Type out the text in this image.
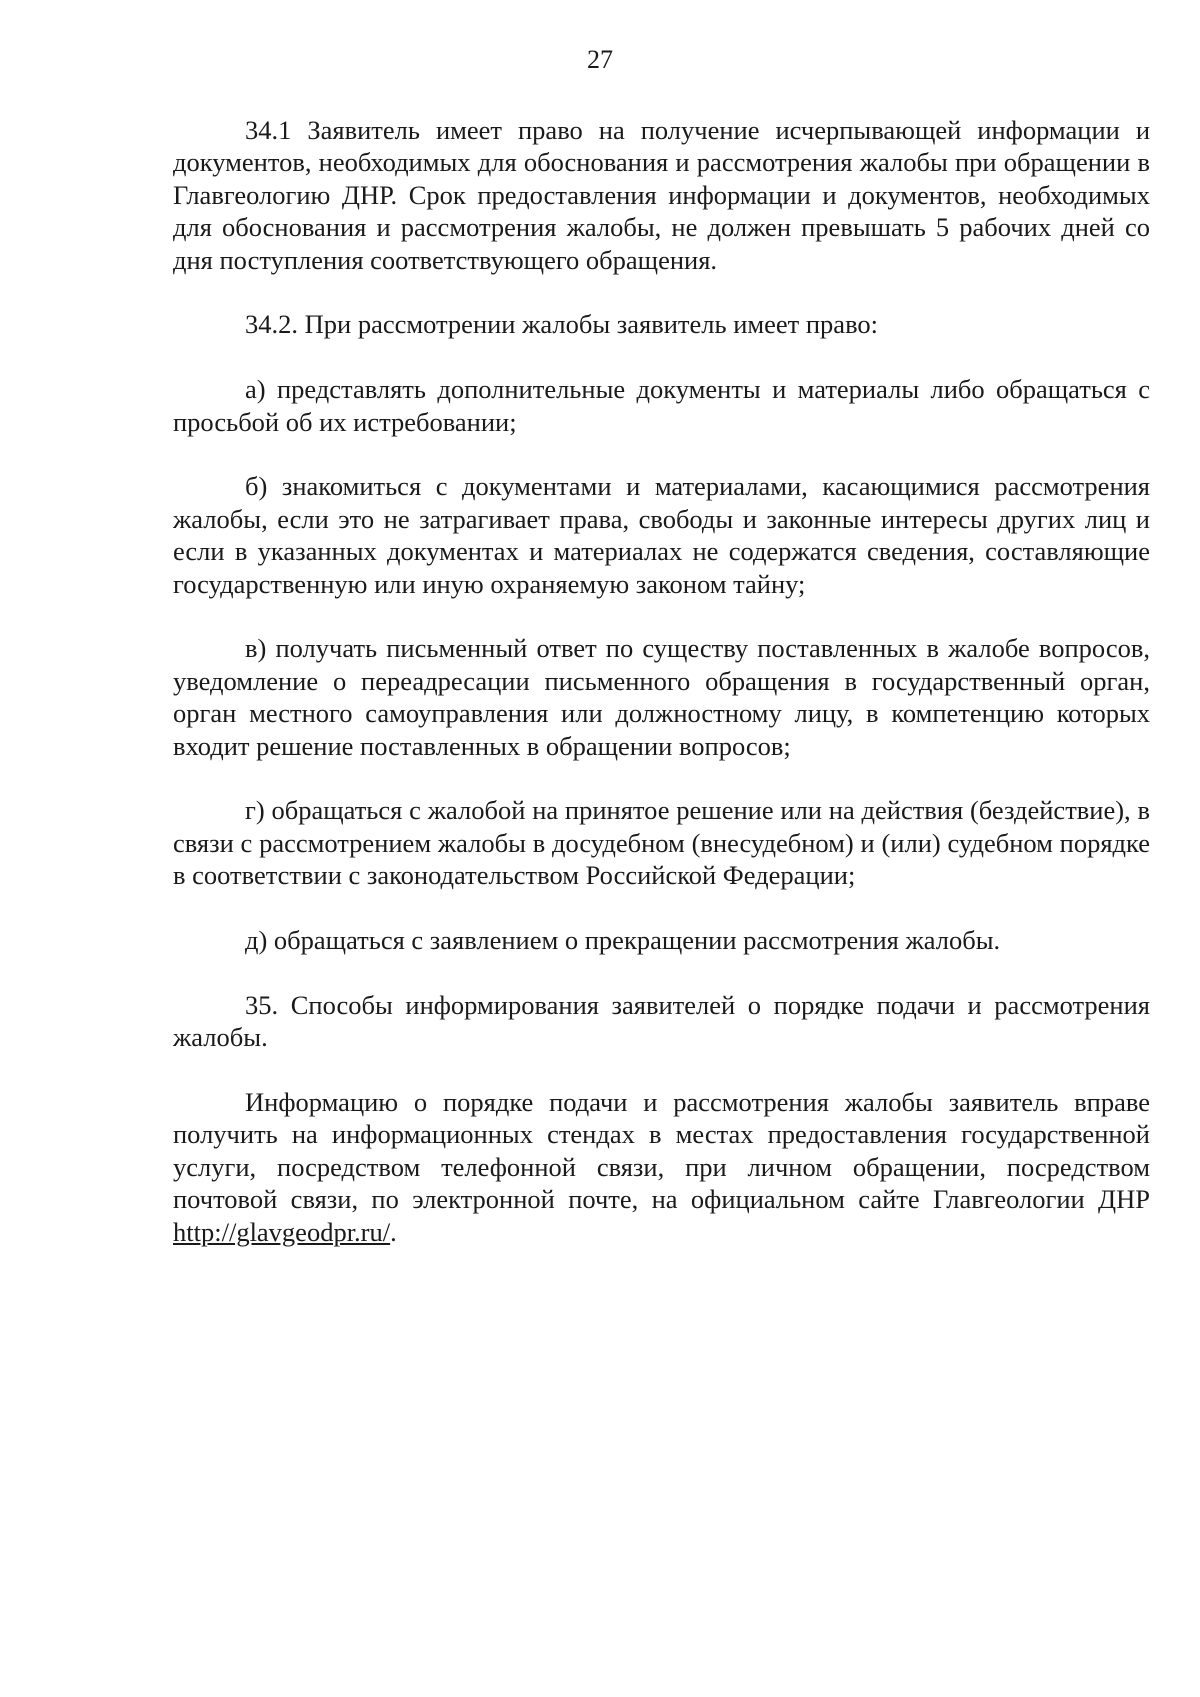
27

34.1 Заявитель имеет право на получение исчерпывающей информации и документов, необходимых для обоснования и рассмотрения жалобы при обращении в Главгеологию ДНР. Срок предоставления информации и документов, необходимых для обоснования и рассмотрения жалобы, не должен превышать 5 рабочих дней со дня поступления соответствующего обращения.

34.2. При рассмотрении жалобы заявитель имеет право:

а) представлять дополнительные документы и материалы либо обращаться с просьбой об их истребовании;

б) знакомиться с документами и материалами, касающимися рассмотрения жалобы, если это не затрагивает права, свободы и законные интересы других лиц и если в указанных документах и материалах не содержатся сведения, составляющие государственную или иную охраняемую законом тайну;

в) получать письменный ответ по существу поставленных в жалобе вопросов, уведомление о переадресации письменного обращения в государственный орган, орган местного самоуправления или должностному лицу, в компетенцию которых входит решение поставленных в обращении вопросов;

г) обращаться с жалобой на принятое решение или на действия (бездействие), в связи с рассмотрением жалобы в досудебном (внесудебном) и (или) судебном порядке в соответствии с законодательством Российской Федерации;

д) обращаться с заявлением о прекращении рассмотрения жалобы.

35. Способы информирования заявителей о порядке подачи и рассмотрения жалобы.

Информацию о порядке подачи и рассмотрения жалобы заявитель вправе получить на информационных стендах в местах предоставления государственной услуги, посредством телефонной связи, при личном обращении, посредством почтовой связи, по электронной почте, на официальном сайте Главгеологии ДНР http://glavgeodpr.ru/.
